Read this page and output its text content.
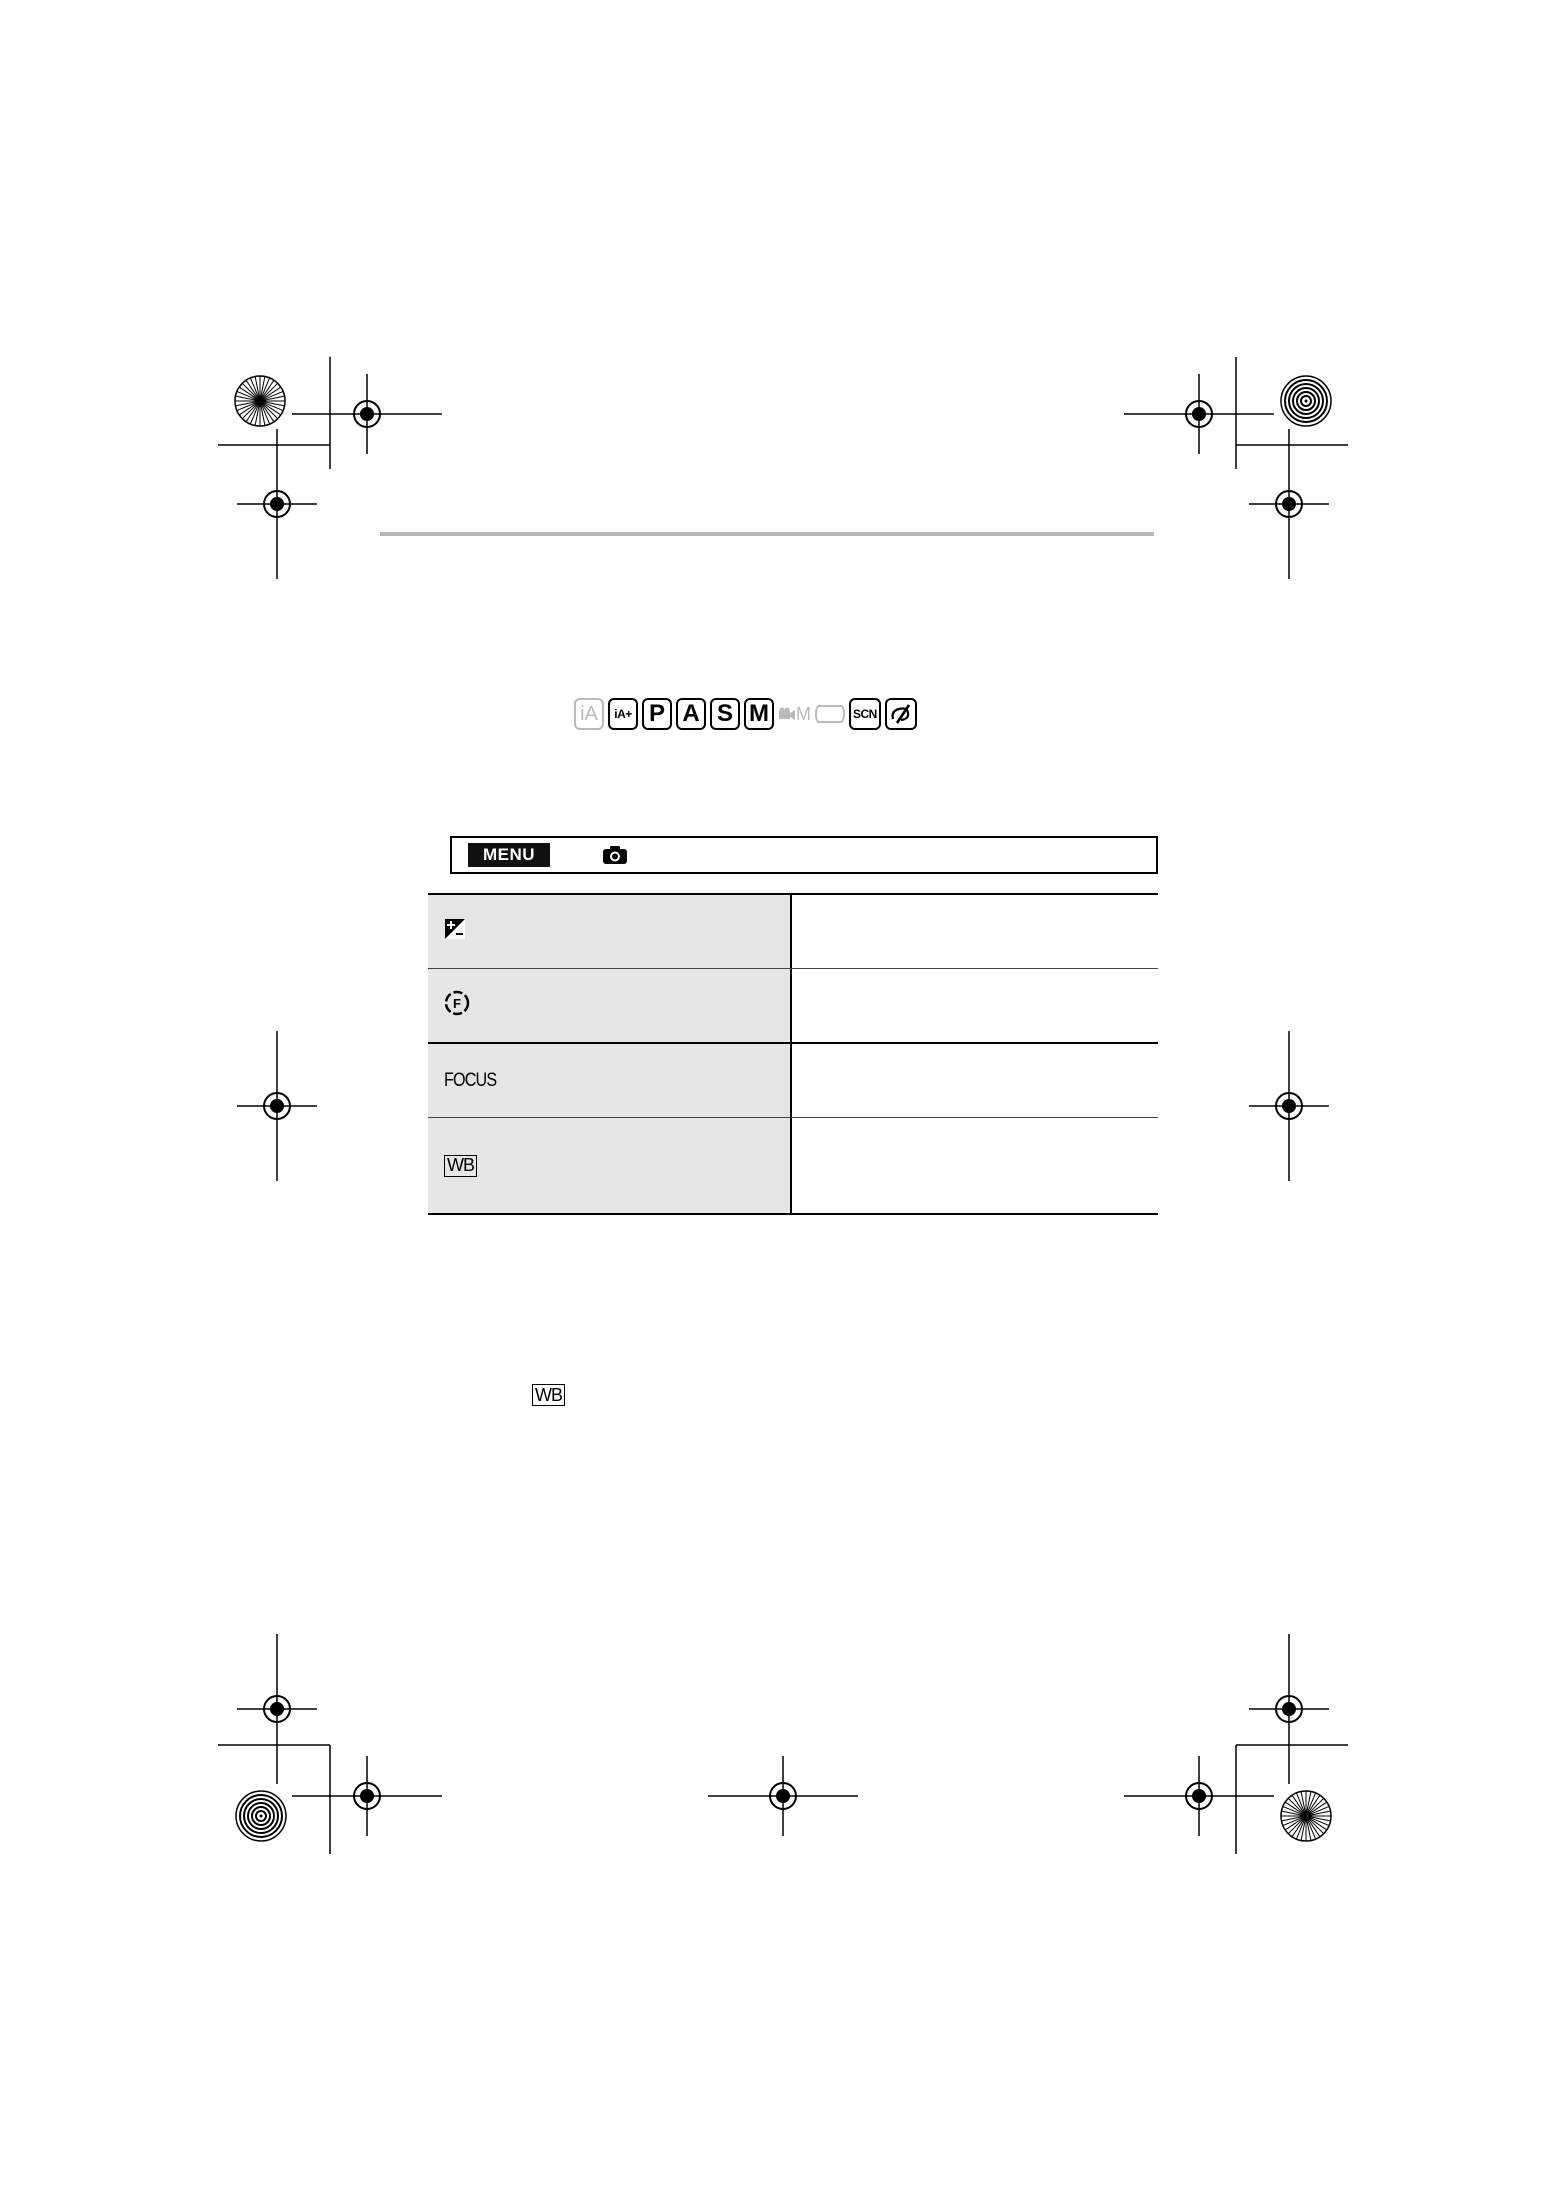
iA	iA+ P A S M M	SCN
MENU
F
FOCUS
WB
WB
